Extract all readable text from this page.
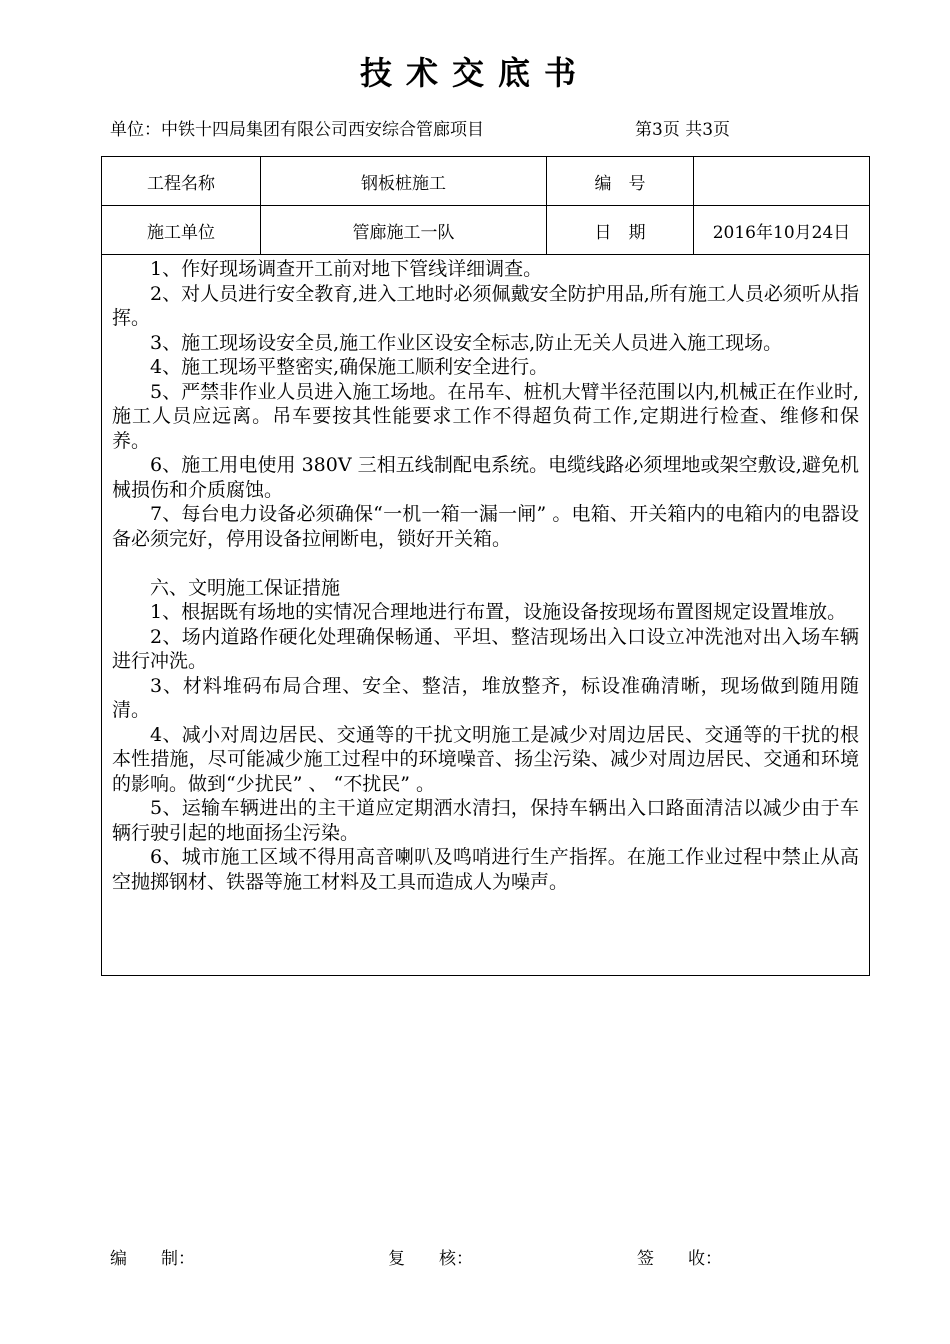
技术交底书
单位：中铁十四局集团有限公司西安综合管廊项目	第3页 共3页
工程名称	钢板桩施工	编　号
施工单位	管廊施工一队	日　期	2016年10月24日

1、作好现场调查开工前对地下管线详细调查。

2、对人员进行安全教育,进入工地时必须佩戴安全防护用品,所有施工人员必须听从指挥。

3、施工现场设安全员,施工作业区设安全标志,防止无关人员进入施工现场。

4、施工现场平整密实,确保施工顺利安全进行。

5、严禁非作业人员进入施工场地。在吊车、桩机大臂半径范围以内,机械正在作业时,施工人员应远离。吊车要按其性能要求工作不得超负荷工作,定期进行检查、维修和保养。

6、施工用电使用 380V 三相五线制配电系统。电缆线路必须埋地或架空敷设,避免机械损伤和介质腐蚀。

7、每台电力设备必须确保“一机一箱一漏一闸” 。电箱、开关箱内的电箱内的电器设备必须完好，停用设备拉闸断电，锁好开关箱。

六、文明施工保证措施

1、根据既有场地的实情况合理地进行布置，设施设备按现场布置图规定设置堆放。

2、场内道路作硬化处理确保畅通、平坦、整洁现场出入口设立冲洗池对出入场车辆进行冲洗。

3、材料堆码布局合理、安全、整洁，堆放整齐，标设准确清晰，现场做到随用随清。

4、减小对周边居民、交通等的干扰文明施工是减少对周边居民、交通等的干扰的根本性措施，尽可能减少施工过程中的环境噪音、扬尘污染、减少对周边居民、交通和环境的影响。做到“少扰民” 、 “不扰民” 。

5、运输车辆进出的主干道应定期洒水清扫，保持车辆出入口路面清洁以减少由于车辆行驶引起的地面扬尘污染。

6、城市施工区域不得用高音喇叭及鸣哨进行生产指挥。在施工作业过程中禁止从高空抛掷钢材、铁器等施工材料及工具而造成人为噪声。

编　　制：	复　　核：	签　　收：
